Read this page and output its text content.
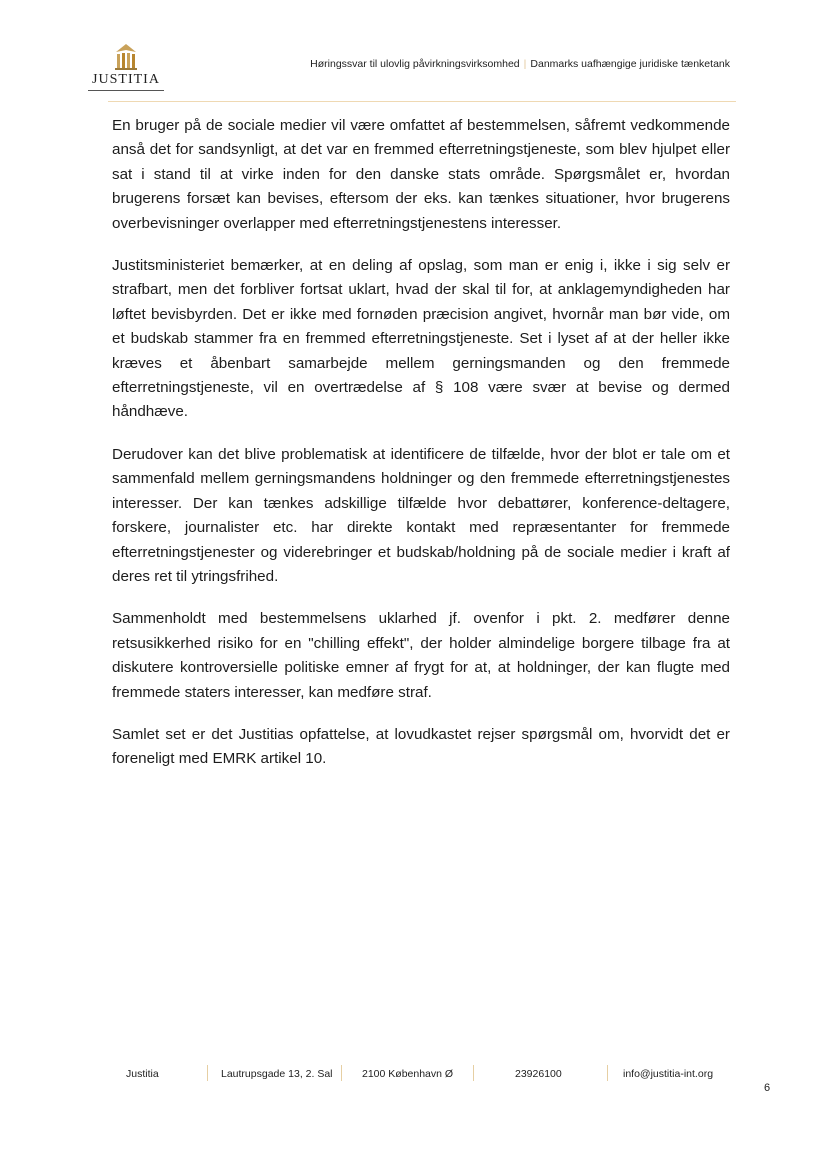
JUSTITIA
Høringssvar til ulovlig påvirkningsvirksomhed | Danmarks uafhængige juridiske tænketank

En bruger på de sociale medier vil være omfattet af bestemmelsen, såfremt vedkommende anså det for sandsynligt, at det var en fremmed efterretningstjeneste, som blev hjulpet eller sat i stand til at virke inden for den danske stats område. Spørgsmålet er, hvordan brugerens forsæt kan bevises, eftersom der eks. kan tænkes situationer, hvor brugerens overbevisninger overlapper med efterretningstjenestens interesser.

Justitsministeriet bemærker, at en deling af opslag, som man er enig i, ikke i sig selv er strafbart, men det forbliver fortsat uklart, hvad der skal til for, at anklagemyndigheden har løftet bevisbyrden. Det er ikke med fornøden præcision angivet, hvornår man bør vide, om et budskab stammer fra en fremmed efterretningstjeneste. Set i lyset af at der heller ikke kræves et åbenbart samarbejde mellem gerningsmanden og den fremmede efterretningstjeneste, vil en overtrædelse af § 108 være svær at bevise og dermed håndhæve.

Derudover kan det blive problematisk at identificere de tilfælde, hvor der blot er tale om et sammenfald mellem gerningsmandens holdninger og den fremmede efterretningstjenestes interesser. Der kan tænkes adskillige tilfælde hvor debattører, konference-deltagere, forskere, journalister etc. har direkte kontakt med repræsentanter for fremmede efterretningstjenester og viderebringer et budskab/holdning på de sociale medier i kraft af deres ret til ytringsfrihed.

Sammenholdt med bestemmelsens uklarhed jf. ovenfor i pkt. 2. medfører denne retsusikkerhed risiko for en "chilling effekt", der holder almindelige borgere tilbage fra at diskutere kontroversielle politiske emner af frygt for at, at holdninger, der kan flugte med fremmede staters interesser, kan medføre straf.

Samlet set er det Justitias opfattelse, at lovudkastet rejser spørgsmål om, hvorvidt det er foreneligt med EMRK artikel 10.

Justitia	Lautrupsgade 13, 2. Sal	2100 København Ø	23926100	info@justitia-int.org
6
